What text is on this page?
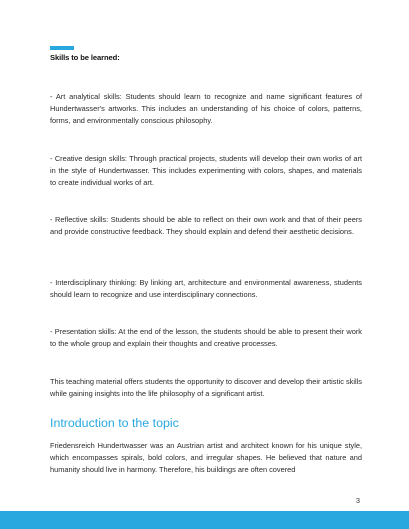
Skills to be learned:
- Art analytical skills: Students should learn to recognize and name significant features of Hundertwasser's artworks. This includes an understanding of his choice of colors, patterns, forms, and environmentally conscious philosophy.
- Creative design skills: Through practical projects, students will develop their own works of art in the style of Hundertwasser. This includes experimenting with colors, shapes, and materials to create individual works of art.
- Reflective skills: Students should be able to reflect on their own work and that of their peers and provide constructive feedback. They should explain and defend their aesthetic decisions.
- Interdisciplinary thinking: By linking art, architecture and environmental awareness, students should learn to recognize and use interdisciplinary connections.
- Presentation skills: At the end of the lesson, the students should be able to present their work to the whole group and explain their thoughts and creative processes.
This teaching material offers students the opportunity to discover and develop their artistic skills while gaining insights into the life philosophy of a significant artist.
Introduction to the topic
Friedensreich Hundertwasser was an Austrian artist and architect known for his unique style, which encompasses spirals, bold colors, and irregular shapes. He believed that nature and humanity should live in harmony. Therefore, his buildings are often covered
3
